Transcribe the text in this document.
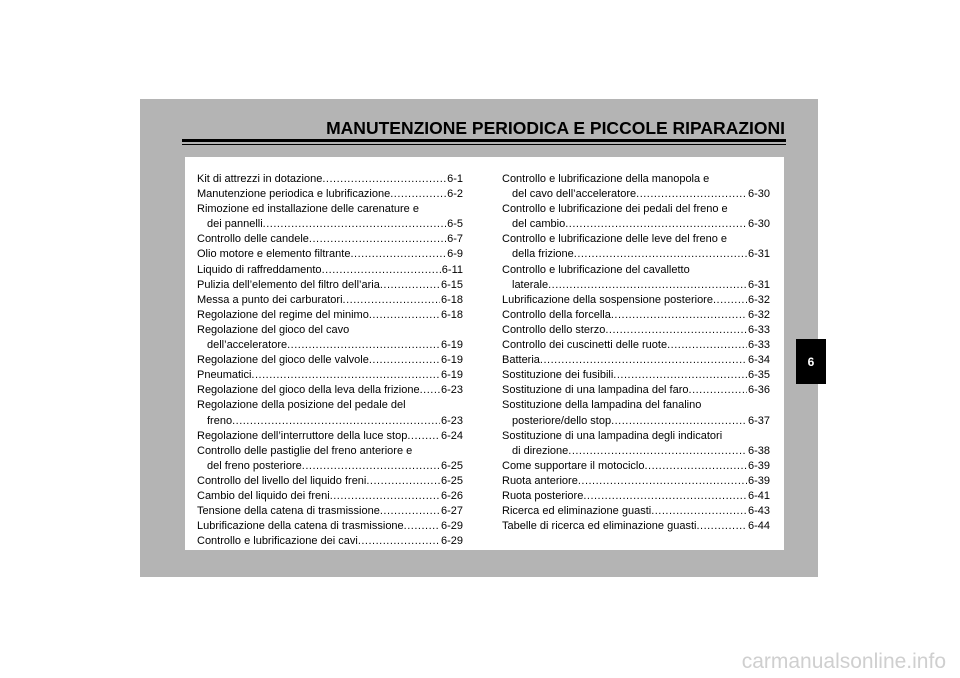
MANUTENZIONE PERIODICA E PICCOLE RIPARAZIONI
Kit di attrezzi in dotazione .....	6-1
Manutenzione periodica e lubrificazione .....	6-2
Rimozione ed installazione delle carenature e
dei pannelli .....	6-5
Controllo delle candele .....	6-7
Olio motore e elemento filtrante .....	6-9
Liquido di raffreddamento .....	6-11
Pulizia dell’elemento del filtro dell’aria .....	6-15
Messa a punto dei carburatori .....	6-18
Regolazione del regime del minimo .....	6-18
Regolazione del gioco del cavo
dell’acceleratore .....	6-19
Regolazione del gioco delle valvole .....	6-19
Pneumatici .....	6-19
Regolazione del gioco della leva della frizione ..... 6-23
Regolazione della posizione del pedale del
freno .....	6-23
Regolazione dell’interruttore della luce stop .....	6-24
Controllo delle pastiglie del freno anteriore e
del freno posteriore .....	6-25
Controllo del livello del liquido freni .....	6-25
Cambio del liquido dei freni .....	6-26
Tensione della catena di trasmissione .....	6-27
Lubrificazione della catena di trasmissione .....	6-29
Controllo e lubrificazione dei cavi .....	6-29
Controllo e lubrificazione della manopola e
del cavo dell’acceleratore .....	6-30
Controllo e lubrificazione dei pedali del freno e
del cambio .....	6-30
Controllo e lubrificazione delle leve del freno e
della frizione .....	6-31
Controllo e lubrificazione del cavalletto
laterale .....	6-31
Lubrificazione della sospensione posteriore .....	6-32
Controllo della forcella .....	6-32
Controllo dello sterzo .....	6-33
Controllo dei cuscinetti delle ruote .....	6-33
Batteria .....	6-34
Sostituzione dei fusibili .....	6-35
Sostituzione di una lampadina del faro .....	6-36
Sostituzione della lampadina del fanalino
posteriore/dello stop .....	6-37
Sostituzione di una lampadina degli indicatori
di direzione .....	6-38
Come supportare il motociclo .....	6-39
Ruota anteriore .....	6-39
Ruota posteriore .....	6-41
Ricerca ed eliminazione guasti .....	6-43
Tabelle di ricerca ed eliminazione guasti .....	6-44
6
carmanualsonline.info
